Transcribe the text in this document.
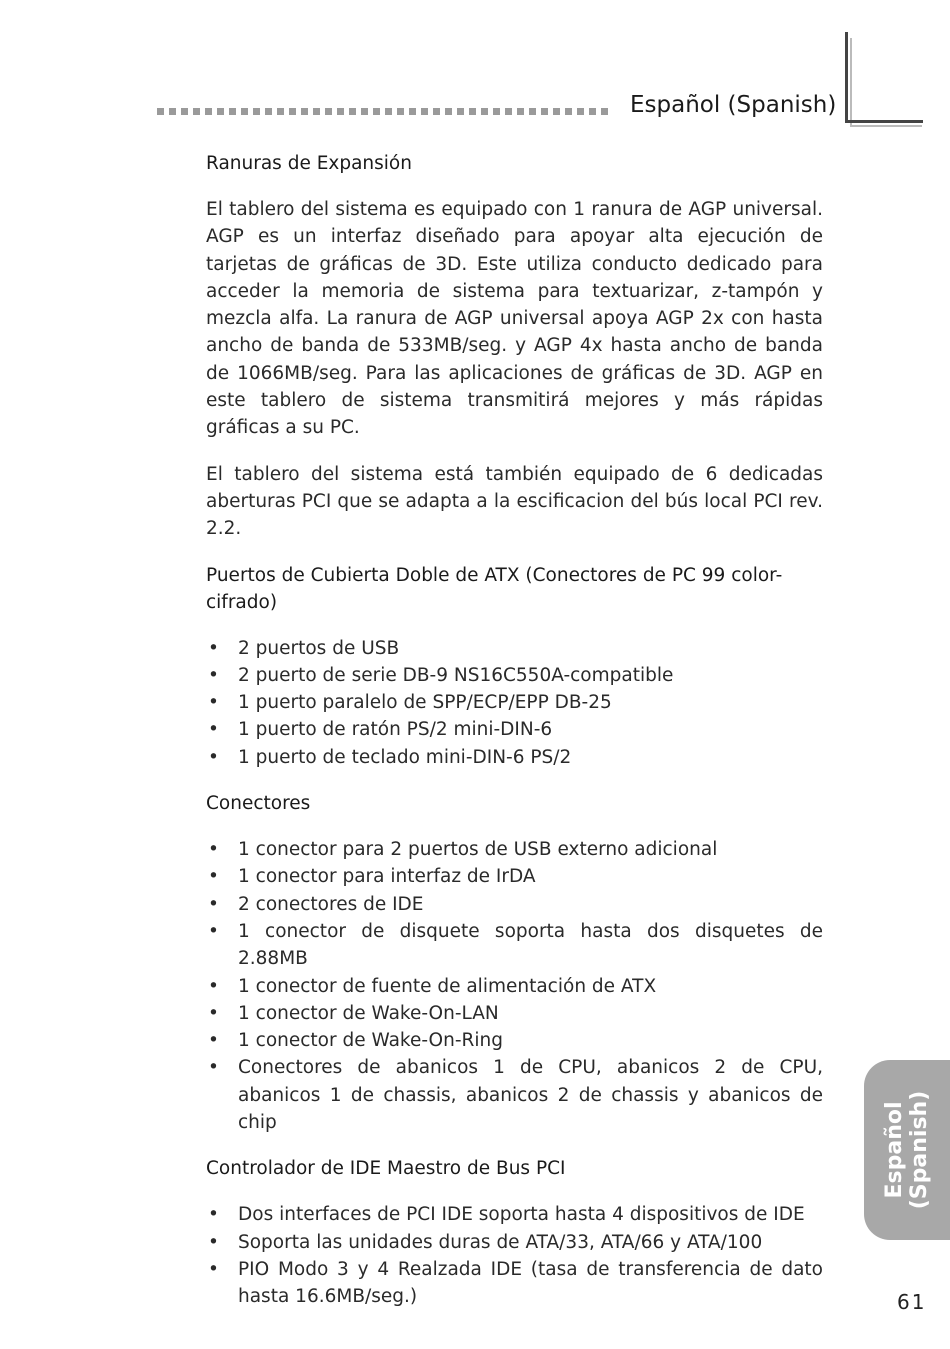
Español (Spanish)
Ranuras de Expansión

El tablero del sistema es equipado con 1 ranura de AGP universal. AGP es un interfaz diseñado para apoyar alta ejecución de tarjetas de gráficas de 3D. Este utiliza conducto dedicado para acceder la memoria de sistema para textuarizar, z-tampón y mezcla alfa. La ranura de AGP universal apoya AGP 2x con hasta ancho de banda de 533MB/seg. y AGP 4x hasta ancho de banda de 1066MB/seg. Para las aplicaciones de gráficas de 3D. AGP en este tablero de sistema transmitirá mejores y más rápidas gráficas a su PC.

El tablero del sistema está también equipado de 6 dedicadas aberturas PCI que se adapta a la escificacion del bús local PCI rev. 2.2.

Puertos de Cubierta Doble de ATX (Conectores de PC 99 color-cifrado)
• 2 puertos de USB
• 2 puerto de serie DB-9 NS16C550A-compatible
• 1 puerto paralelo de SPP/ECP/EPP DB-25
• 1 puerto de ratón PS/2 mini-DIN-6
• 1 puerto de teclado mini-DIN-6 PS/2
Conectores
• 1 conector para 2 puertos de USB externo adicional
• 1 conector para interfaz de IrDA
• 2 conectores de IDE
• 1 conector de disquete soporta hasta dos disquetes de 2.88MB
• 1 conector de fuente de alimentación de ATX
• 1 conector de Wake-On-LAN
• 1 conector de Wake-On-Ring
• Conectores de abanicos 1 de CPU, abanicos 2 de CPU, abanicos 1 de chassis, abanicos 2 de chassis y abanicos de chip
Controlador de IDE Maestro de Bus PCI
• Dos interfaces de PCI IDE soporta hasta 4 dispositivos de IDE
• Soporta las unidades duras de ATA/33, ATA/66 y ATA/100
• PIO Modo 3 y 4 Realzada IDE (tasa de transferencia de dato hasta 16.6MB/seg.)
Español (Spanish)
61
